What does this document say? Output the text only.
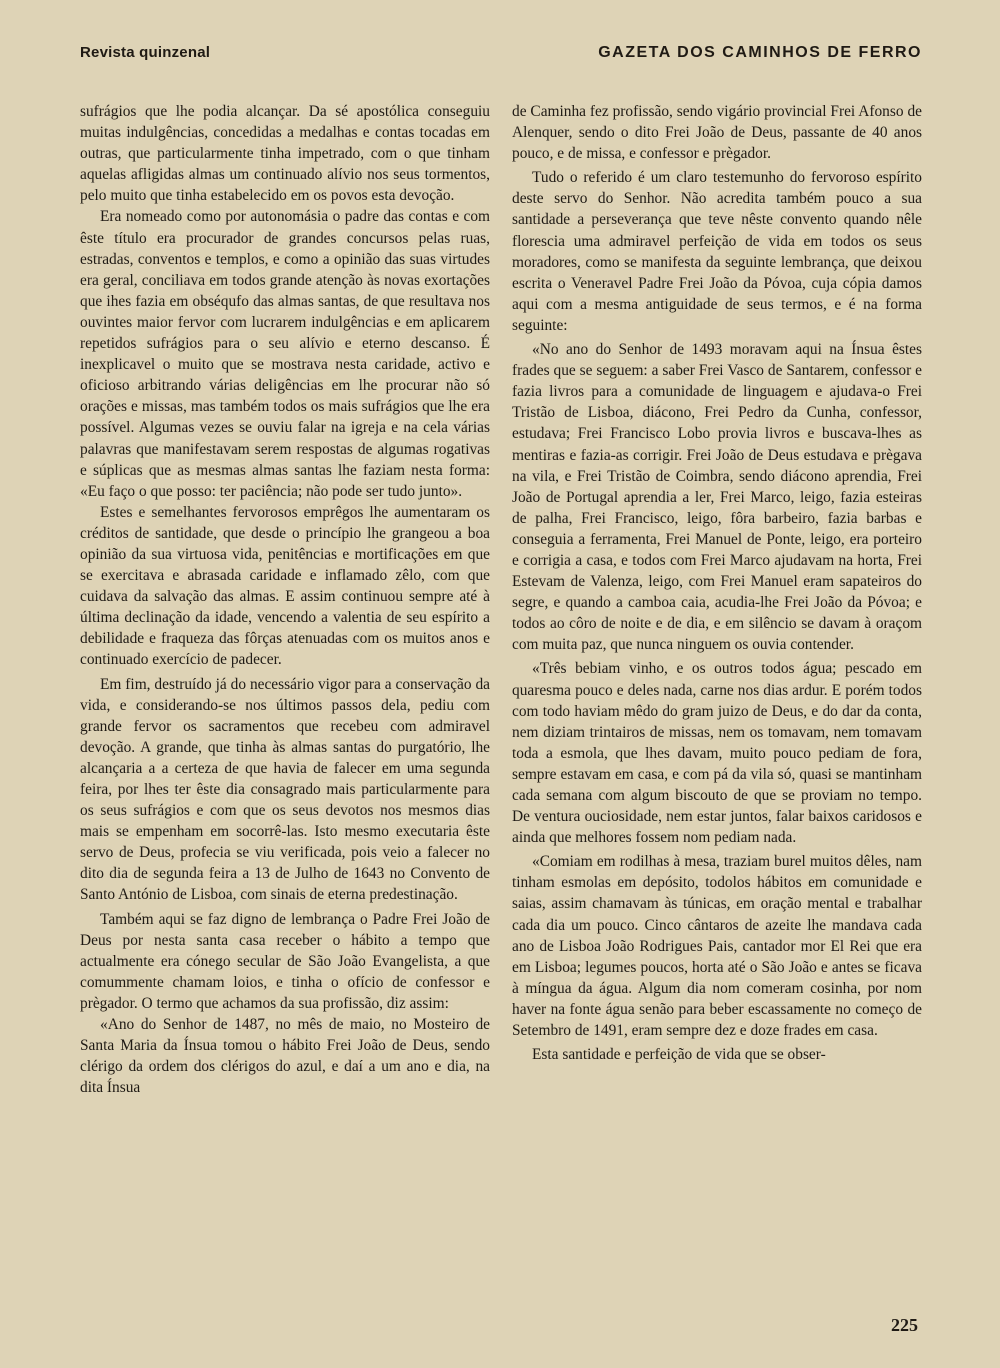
Revista quinzenal	GAZETA DOS CAMINHOS DE FERRO

sufrágios que lhe podia alcançar. Da sé apostólica conseguiu muitas indulgências, concedidas a medalhas e contas tocadas em outras, que particularmente tinha impetrado, com o que tinham aquelas afligidas almas um continuado alívio nos seus tormentos, pelo muito que tinha estabelecido em os povos esta devoção.

Era nomeado como por autonomásia o padre das contas e com êste título era procurador de grandes concursos pelas ruas, estradas, conventos e templos, e como a opinião das suas virtudes era geral, conciliava em todos grande atenção às novas exortações que ihes fazia em obséqufo das almas santas, de que resultava nos ouvintes maior fervor com lucrarem indulgências e em aplicarem repetidos sufrágios para o seu alívio e eterno descanso. É inexplicavel o muito que se mostrava nesta caridade, activo e oficioso arbitrando várias deligências em lhe procurar não só orações e missas, mas também todos os mais sufrágios que lhe era possível. Algumas vezes se ouviu falar na igreja e na cela várias palavras que manifestavam serem respostas de algumas rogativas e súplicas que as mesmas almas santas lhe faziam nesta forma: «Eu faço o que posso: ter paciência; não pode ser tudo junto».

Estes e semelhantes fervorosos emprêgos lhe aumentaram os créditos de santidade, que desde o princípio lhe grangeou a boa opinião da sua virtuosa vida, penitências e mortificações em que se exercitava e abrasada caridade e inflamado zêlo, com que cuidava da salvação das almas. E assim continuou sempre até à última declinação da idade, vencendo a valentia de seu espírito a debilidade e fraqueza das fôrças atenuadas com os muitos anos e continuado exercício de padecer.

Em fim, destruído já do necessário vigor para a conservação da vida, e considerando-se nos últimos passos dela, pediu com grande fervor os sacramentos que recebeu com admiravel devoção. A grande, que tinha às almas santas do purgatório, lhe alcançaria a a certeza de que havia de falecer em uma segunda feira, por lhes ter êste dia consagrado mais particularmente para os seus sufrágios e com que os seus devotos nos mesmos dias mais se empenham em socorrê-las. Isto mesmo executaria êste servo de Deus, profecia se viu verificada, pois veio a falecer no dito dia de segunda feira a 13 de Julho de 1643 no Convento de Santo António de Lisboa, com sinais de eterna predestinação.

Também aqui se faz digno de lembrança o Padre Frei João de Deus por nesta santa casa receber o hábito a tempo que actualmente era cónego secular de São João Evangelista, a que comummente chamam loios, e tinha o ofício de confessor e prègador. O termo que achamos da sua profissão, diz assim:

«Ano do Senhor de 1487, no mês de maio, no Mosteiro de Santa Maria da Ínsua tomou o hábito Frei João de Deus, sendo clérigo da ordem dos clérigos do azul, e daí a um ano e dia, na dita Ínsua

de Caminha fez profissão, sendo vigário provincial Frei Afonso de Alenquer, sendo o dito Frei João de Deus, passante de 40 anos pouco, e de missa, e confessor e prègador.

Tudo o referido é um claro testemunho do fervoroso espírito deste servo do Senhor. Não acredita também pouco a sua santidade a perseverança que teve nêste convento quando nêle floresciа uma admiravel perfeição de vida em todos os seus moradores, como se manifesta da seguinte lembrança, que deixou escrita o Veneravel Padre Frei João da Póvoa, cuja cópia damos aqui com a mesma antiguidade de seus termos, e é na forma seguinte:

«No ano do Senhor de 1493 moravam aqui na Ínsua êstes frades que se seguem: a saber Frei Vasco de Santarem, confessor e fazia livros para a comunidade de linguagem e ajudava-o Frei Tristão de Lisboa, diácono, Frei Pedro da Cunha, confessor, estudava; Frei Francisco Lobo provia livros e buscava-lhes as mentiras e fazia-as corrigir. Frei João de Deus estudava e prègava na vila, e Frei Tristão de Coimbra, sendo diácono aprendia, Frei João de Portugal aprendia a ler, Frei Marco, leigo, fazia esteiras de palha, Frei Francisco, leigo, fôra barbeiro, fazia barbas e conseguia a ferramenta, Frei Manuel de Ponte, leigo, era porteiro e corrigia a casa, e todos com Frei Marco ajudavam na horta, Frei Estevam de Valenza, leigo, com Frei Manuel eram sapateiros do segre, e quando a camboa caia, acudia-lhe Frei João da Póvoa; e todos ao côro de noite e de dia, e em silêncio se davam à oraçom com muita paz, que nunca ninguem os ouvia contender.

«Três bebiam vinho, e os outros todos água; pescado em quaresma pouco e deles nada, carne nos dias ardur. E porém todos com todo haviam mêdo do gram juizo de Deus, e do dar da conta, nem diziam trintairos de missas, nem os tomavam, nem tomavam toda a esmola, que lhes davam, muito pouco pediam de fora, sempre estavam em casa, e com pá da vila só, quasi se mantinham cada semana com algum biscouto de que se proviam no tempo. De ventura ouciosidade, nem estar juntos, falar baixos caridosos e ainda que melhores fossem nom pediam nada.

«Comiam em rodilhas à mesa, traziam burel muitos dêles, nam tinham esmolas em depósito, todolos hábitos em comunidade e saias, assim chamavam às túnicas, em oração mental e trabalhar cada dia um pouco. Cinco cântaros de azeite lhe mandava cada ano de Lisboa João Rodrigues Pais, cantador mor El Rei que era em Lisboa; legumes poucos, horta até o São João e antes se ficava à míngua da água. Algum dia nom comeram cosinha, por nom haver na fonte água senão para beber escassamente no começo de Setembro de 1491, eram sempre dez e doze frades em casa.

Esta santidade e perfeição de vida que se obser-

225
